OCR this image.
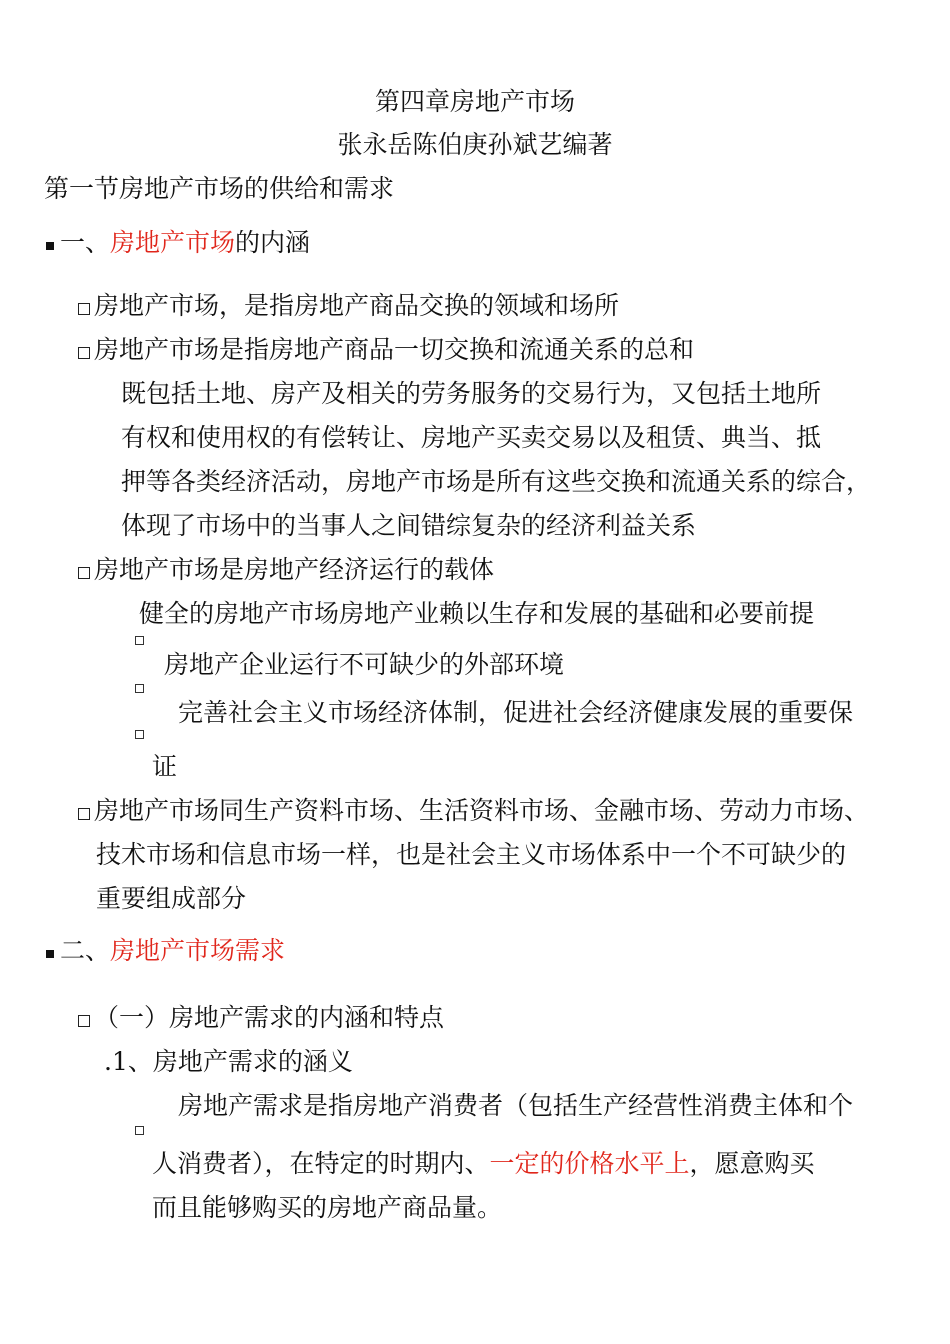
第四章房地产市场
张永岳陈伯庚孙斌艺编著
第一节房地产市场的供给和需求
一、房地产市场的内涵
房地产市场，是指房地产商品交换的领域和场所
房地产市场是指房地产商品一切交换和流通关系的总和
既包括土地、房产及相关的劳务服务的交易行为，又包括土地所
有权和使用权的有偿转让、房地产买卖交易以及租赁、典当、抵
押等各类经济活动，房地产市场是所有这些交换和流通关系的综合，
体现了市场中的当事人之间错综复杂的经济利益关系
房地产市场是房地产经济运行的载体
健全的房地产市场房地产业赖以生存和发展的基础和必要前提
房地产企业运行不可缺少的外部环境
完善社会主义市场经济体制，促进社会经济健康发展的重要保
证
房地产市场同生产资料市场、生活资料市场、金融市场、劳动力市场、
技术市场和信息市场一样，也是社会主义市场体系中一个不可缺少的
重要组成部分
二、房地产市场需求
（一）房地产需求的内涵和特点
.1、房地产需求的涵义
房地产需求是指房地产消费者（包括生产经营性消费主体和个
人消费者），在特定的时期内、一定的价格水平上，愿意购买
而且能够购买的房地产商品量。
